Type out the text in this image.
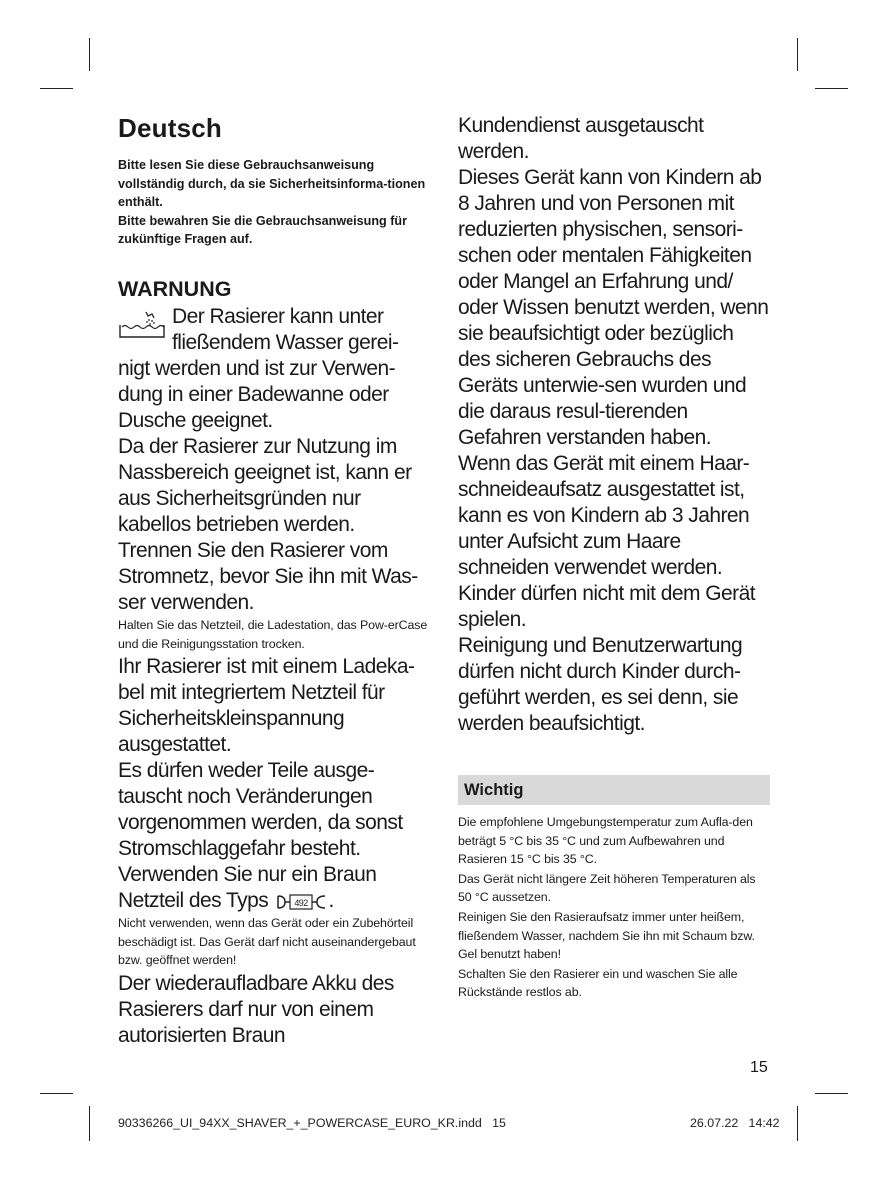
Deutsch

Bitte lesen Sie diese Gebrauchsanweisung vollständig durch, da sie Sicherheitsinforma-tionen enthält.

Bitte bewahren Sie die Gebrauchsanweisung für zukünftige Fragen auf.

WARNUNG

Der Rasierer kann unter fließendem Wasser gerei-nigt werden und ist zur Verwen-dung in einer Badewanne oder Dusche geeignet.

Da der Rasierer zur Nutzung im Nassbereich geeignet ist, kann er aus Sicherheitsgründen nur kabellos betrieben werden.

Trennen Sie den Rasierer vom Stromnetz, bevor Sie ihn mit Was-ser verwenden.

Halten Sie das Netzteil, die Ladestation, das Pow-erCase und die Reinigungsstation trocken.

Ihr Rasierer ist mit einem Ladeka-bel mit integriertem Netzteil für Sicherheitskleinspannung ausgestattet.

Es dürfen weder Teile ausge-tauscht noch Veränderungen vorgenommen werden, da sonst Stromschlaggefahr besteht.

Verwenden Sie nur ein Braun Netzteil des Typs	492 .

Nicht verwenden, wenn das Gerät oder ein Zubehörteil beschädigt ist. Das Gerät darf nicht auseinandergebaut bzw. geöffnet werden!

Der wiederaufladbare Akku des Rasierers darf nur von einem autorisierten Braun

Kundendienst ausgetauscht werden.

Dieses Gerät kann von Kindern ab 8 Jahren und von Personen mit reduzierten physischen, sensori-schen oder mentalen Fähigkeiten oder Mangel an Erfahrung und/ oder Wissen benutzt werden, wenn sie beaufsichtigt oder bezüglich des sicheren Gebrauchs des Geräts unterwie-sen wurden und die daraus resul-tierenden Gefahren verstanden haben.

Wenn das Gerät mit einem Haar-schneideaufsatz ausgestattet ist, kann es von Kindern ab 3 Jahren unter Aufsicht zum Haare schneiden verwendet werden.

Kinder dürfen nicht mit dem Gerät spielen.

Reinigung und Benutzerwartung dürfen nicht durch Kinder durch-geführt werden, es sei denn, sie werden beaufsichtigt.

Wichtig

Die empfohlene Umgebungstemperatur zum Aufla-den beträgt 5 °C bis 35 °C und zum Aufbewahren und Rasieren 15 °C bis 35 °C.

Das Gerät nicht längere Zeit höheren Temperaturen als 50 °C aussetzen.

Reinigen Sie den Rasieraufsatz immer unter heißem, fließendem Wasser, nachdem Sie ihn mit Schaum bzw. Gel benutzt haben!

Schalten Sie den Rasierer ein und waschen Sie alle Rückstände restlos ab.

15
90336266_UI_94XX_SHAVER_+_POWERCASE_EURO_KR.indd   15	26.07.22   14:42
